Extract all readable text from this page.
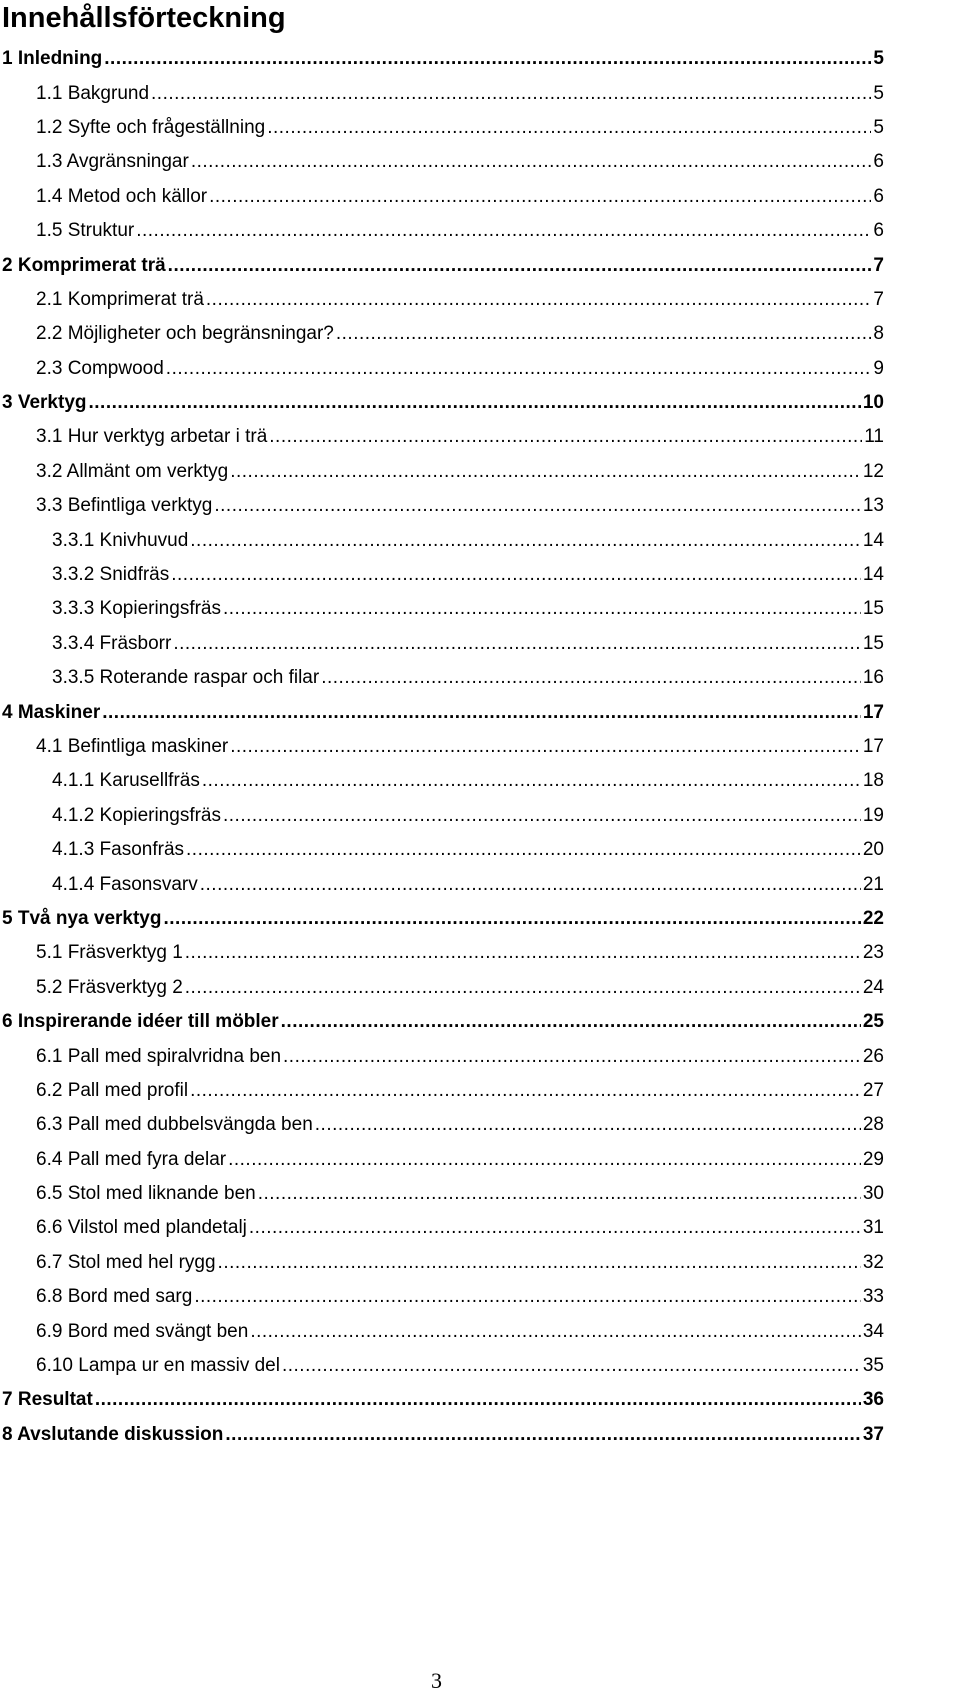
Innehållsförteckning
1 Inledning .....	5
1.1 Bakgrund .....	5
1.2 Syfte och frågeställning .....	5
1.3 Avgränsningar .....	6
1.4 Metod och källor .....	6
1.5 Struktur .....	6
2 Komprimerat trä .....	7
2.1 Komprimerat trä .....	7
2.2 Möjligheter och begränsningar? .....	8
2.3 Compwood .....	9
3 Verktyg .....	10
3.1 Hur verktyg arbetar i trä .....	11
3.2 Allmänt om verktyg .....	12
3.3 Befintliga verktyg .....	13
3.3.1 Knivhuvud .....	14
3.3.2 Snidfräs .....	14
3.3.3 Kopieringsfräs .....	15
3.3.4 Fräsborr .....	15
3.3.5 Roterande raspar och filar .....	16
4 Maskiner .....	17
4.1 Befintliga maskiner .....	17
4.1.1 Karusellfräs .....	18
4.1.2 Kopieringsfräs .....	19
4.1.3 Fasonfräs .....	20
4.1.4 Fasonsvarv .....	21
5 Två nya verktyg .....	22
5.1 Fräsverktyg 1 .....	23
5.2 Fräsverktyg 2 .....	24
6 Inspirerande idéer till möbler .....	25
6.1 Pall med spiralvridna ben .....	26
6.2 Pall med profil .....	27
6.3 Pall med dubbelsvängda ben .....	28
6.4 Pall med fyra delar .....	29
6.5 Stol med liknande ben .....	30
6.6 Vilstol med plandetalj .....	31
6.7 Stol med hel rygg .....	32
6.8 Bord med sarg .....	33
6.9 Bord med svängt ben .....	34
6.10 Lampa ur en massiv del .....	35
7 Resultat .....	36
8 Avslutande diskussion .....	37
3
